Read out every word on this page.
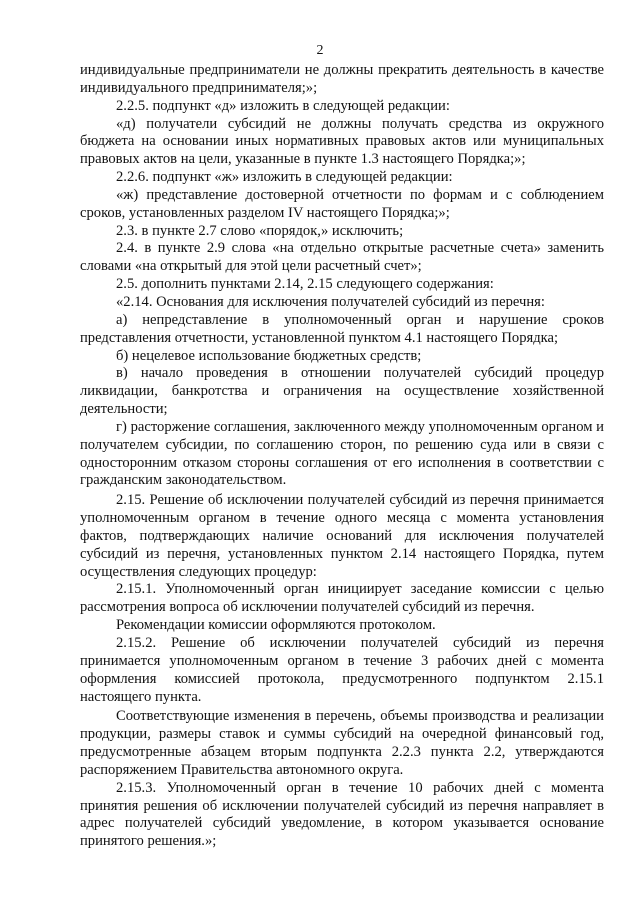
2

индивидуальные предприниматели не должны прекратить деятельность в качестве индивидуального предпринимателя;»;

2.2.5. подпункт «д» изложить в следующей редакции:

«д) получатели субсидий не должны получать средства из окружного бюджета на основании иных нормативных правовых актов или муниципальных правовых актов на цели, указанные в пункте 1.3 настоящего Порядка;»;

2.2.6. подпункт «ж» изложить в следующей редакции:

«ж) представление достоверной отчетности по формам и с соблюдением сроков, установленных разделом IV настоящего Порядка;»;

2.3. в пункте 2.7 слово «порядок,» исключить;

2.4. в пункте 2.9 слова «на отдельно открытые расчетные счета» заменить словами «на открытый для этой цели расчетный счет»;

2.5. дополнить пунктами 2.14, 2.15 следующего содержания:

«2.14. Основания для исключения получателей субсидий из перечня:

а) непредставление в уполномоченный орган и нарушение сроков представления отчетности, установленной пунктом 4.1 настоящего Порядка;

б) нецелевое использование бюджетных средств;

в) начало проведения в отношении получателей субсидий процедур ликвидации, банкротства и ограничения на осуществление хозяйственной деятельности;

г) расторжение соглашения, заключенного между уполномоченным органом и получателем субсидии, по соглашению сторон, по решению суда или в связи с односторонним отказом стороны соглашения от его исполнения в соответствии с гражданским законодательством.

2.15. Решение об исключении получателей субсидий из перечня принимается уполномоченным органом в течение одного месяца с момента установления фактов, подтверждающих наличие оснований для исключения получателей субсидий из перечня, установленных пунктом 2.14 настоящего Порядка, путем осуществления следующих процедур:

2.15.1. Уполномоченный орган инициирует заседание комиссии с целью рассмотрения вопроса об исключении получателей субсидий из перечня.

Рекомендации комиссии оформляются протоколом.

2.15.2. Решение об исключении получателей субсидий из перечня принимается уполномоченным органом в течение 3 рабочих дней с момента оформления комиссией протокола, предусмотренного подпунктом 2.15.1 настоящего пункта.

Соответствующие изменения в перечень, объемы производства и реализации продукции, размеры ставок и суммы субсидий на очередной финансовый год, предусмотренные абзацем вторым подпункта 2.2.3 пункта 2.2, утверждаются распоряжением Правительства автономного округа.

2.15.3. Уполномоченный орган в течение 10 рабочих дней с момента принятия решения об исключении получателей субсидий из перечня направляет в адрес получателей субсидий уведомление, в котором указывается основание принятого решения.»;
